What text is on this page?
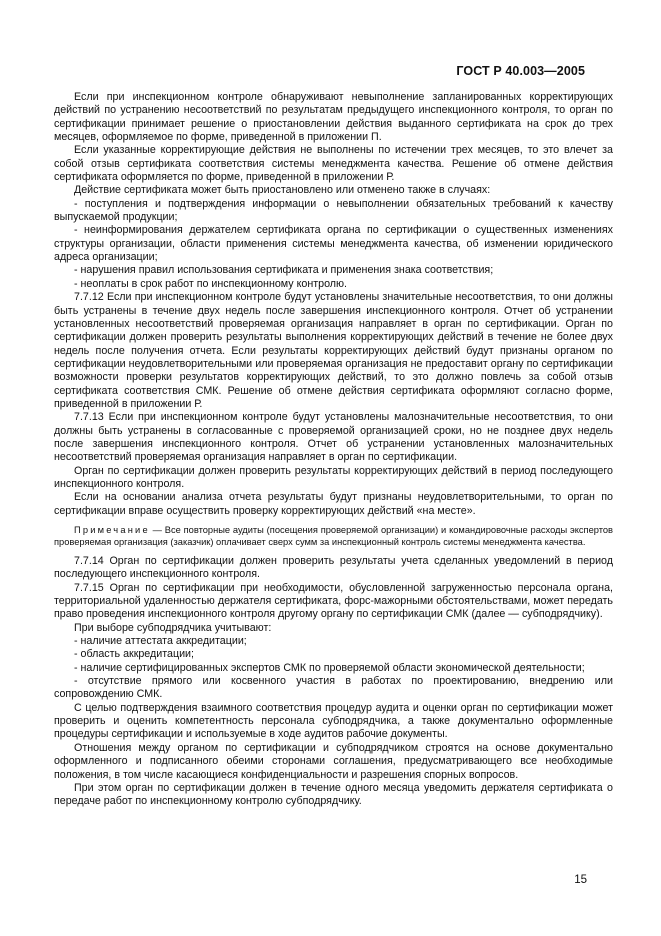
ГОСТ Р 40.003—2005

Если при инспекционном контроле обнаруживают невыполнение запланированных корректирующих действий по устранению несоответствий по результатам предыдущего инспекционного контроля, то орган по сертификации принимает решение о приостановлении действия выданного сертификата на срок до трех месяцев, оформляемое по форме, приведенной в приложении П.

Если указанные корректирующие действия не выполнены по истечении трех месяцев, то это влечет за собой отзыв сертификата соответствия системы менеджмента качества. Решение об отмене действия сертификата оформляется по форме, приведенной в приложении Р.

Действие сертификата может быть приостановлено или отменено также в случаях:

- поступления и подтверждения информации о невыполнении обязательных требований к качеству выпускаемой продукции;

- неинформирования держателем сертификата органа по сертификации о существенных изменениях структуры организации, области применения системы менеджмента качества, об изменении юридического адреса организации;

- нарушения правил использования сертификата и применения знака соответствия;

- неоплаты в срок работ по инспекционному контролю.

7.7.12 Если при инспекционном контроле будут установлены значительные несоответствия, то они должны быть устранены в течение двух недель после завершения инспекционного контроля. Отчет об устранении установленных несоответствий проверяемая организация направляет в орган по сертификации. Орган по сертификации должен проверить результаты выполнения корректирующих действий в течение не более двух недель после получения отчета. Если результаты корректирующих действий будут признаны органом по сертификации неудовлетворительными или проверяемая организация не предоставит органу по сертификации возможности проверки результатов корректирующих действий, то это должно повлечь за собой отзыв сертификата соответствия СМК. Решение об отмене действия сертификата оформляют согласно форме, приведенной в приложении Р.

7.7.13 Если при инспекционном контроле будут установлены малозначительные несоответствия, то они должны быть устранены в согласованные с проверяемой организацией сроки, но не позднее двух недель после завершения инспекционного контроля. Отчет об устранении установленных малозначительных несоответствий проверяемая организация направляет в орган по сертификации.

Орган по сертификации должен проверить результаты корректирующих действий в период последующего инспекционного контроля.

Если на основании анализа отчета результаты будут признаны неудовлетворительными, то орган по сертификации вправе осуществить проверку корректирующих действий «на месте».

Примечание — Все повторные аудиты (посещения проверяемой организации) и командировочные расходы экспертов проверяемая организация (заказчик) оплачивает сверх сумм за инспекционный контроль системы менеджмента качества.

7.7.14 Орган по сертификации должен проверить результаты учета сделанных уведомлений в период последующего инспекционного контроля.

7.7.15 Орган по сертификации при необходимости, обусловленной загруженностью персонала органа, территориальной удаленностью держателя сертификата, форс-мажорными обстоятельствами, может передать право проведения инспекционного контроля другому органу по сертификации СМК (далее — субподрядчику).

При выборе субподрядчика учитывают:

- наличие аттестата аккредитации;

- область аккредитации;

- наличие сертифицированных экспертов СМК по проверяемой области экономической деятельности;

- отсутствие прямого или косвенного участия в работах по проектированию, внедрению или сопровождению СМК.

С целью подтверждения взаимного соответствия процедур аудита и оценки орган по сертификации может проверить и оценить компетентность персонала субподрядчика, а также документально оформленные процедуры сертификации и используемые в ходе аудитов рабочие документы.

Отношения между органом по сертификации и субподрядчиком строятся на основе документально оформленного и подписанного обеими сторонами соглашения, предусматривающего все необходимые положения, в том числе касающиеся конфиденциальности и разрешения спорных вопросов.

При этом орган по сертификации должен в течение одного месяца уведомить держателя сертификата о передаче работ по инспекционному контролю субподрядчику.

15
